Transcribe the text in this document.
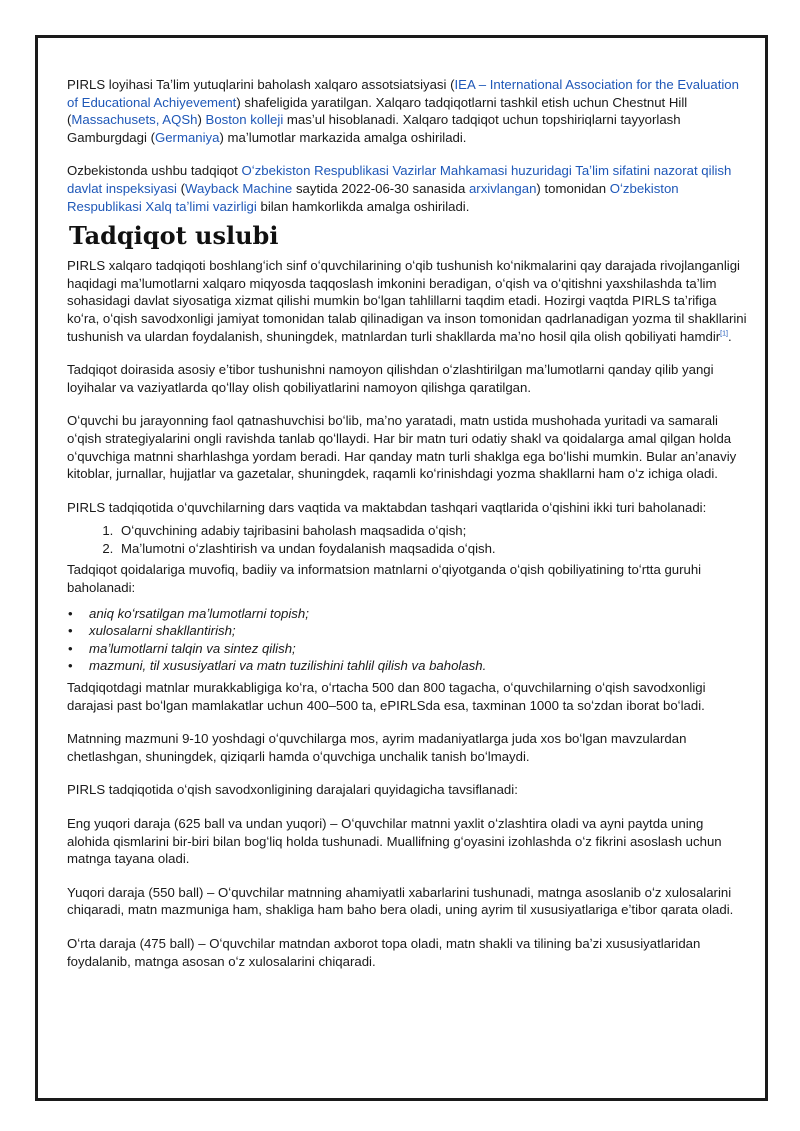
PIRLS loyihasi Taʼlim yutuqlarini baholash xalqaro assotsiatsiyasi (IEA – International Association for the Evaluation of Educational Achiyevement) shafeligida yaratilgan. Xalqaro tadqiqotlarni tashkil etish uchun Chestnut Hill (Massachusets, AQSh) Boston kolleji masʼul hisoblanadi. Xalqaro tadqiqot uchun topshiriqlarni tayyorlash Gamburgdagi (Germaniya) maʼlumotlar markazida amalga oshiriladi.

Ozbekistonda ushbu tadqiqot Oʻzbekiston Respublikasi Vazirlar Mahkamasi huzuridagi Taʼlim sifatini nazorat qilish davlat inspeksiyasi (Wayback Machine saytida 2022-06-30 sanasida arxivlangan) tomonidan Oʻzbekiston Respublikasi Xalq taʼlimi vazirligi bilan hamkorlikda amalga oshiriladi.

Tadqiqot uslubi

PIRLS xalqaro tadqiqoti boshlangʻich sinf oʻquvchilarining oʻqib tushunish koʻnikmalarini qay darajada rivojlanganligi haqidagi maʼlumotlarni xalqaro miqyosda taqqoslash imkonini beradigan, oʻqish va oʻqitishni yaxshilashda taʼlim sohasidagi davlat siyosatiga xizmat qilishi mumkin boʻlgan tahlillarni taqdim etadi. Hozirgi vaqtda PIRLS taʼrifiga koʻra, oʻqish savodxonligi jamiyat tomonidan talab qilinadigan va inson tomonidan qadrlanadigan yozma til shakllarini tushunish va ulardan foydalanish, shuningdek, matnlardan turli shakllarda maʼno hosil qila olish qobiliyati hamdir[1].

Tadqiqot doirasida asosiy eʼtibor tushunishni namoyon qilishdan oʻzlashtirilgan maʼlumotlarni qanday qilib yangi loyihalar va vaziyatlarda qoʻllay olish qobiliyatlarini namoyon qilishga qaratilgan.

Oʻquvchi bu jarayonning faol qatnashuvchisi boʻlib, maʼno yaratadi, matn ustida mushohada yuritadi va samarali oʻqish strategiyalarini ongli ravishda tanlab qoʻllaydi. Har bir matn turi odatiy shakl va qoidalarga amal qilgan holda oʻquvchiga matnni sharhlashga yordam beradi. Har qanday matn turli shaklga ega boʻlishi mumkin. Bular anʼanaviy kitoblar, jurnallar, hujjatlar va gazetalar, shuningdek, raqamli koʻrinishdagi yozma shakllarni ham oʻz ichiga oladi.

PIRLS tadqiqotida oʻquvchilarning dars vaqtida va maktabdan tashqari vaqtlarida oʻqishini ikki turi baholanadi:

1. Oʻquvchining adabiy tajribasini baholash maqsadida oʻqish;
2. Maʼlumotni oʻzlashtirish va undan foydalanish maqsadida oʻqish.

Tadqiqot qoidalariga muvofiq, badiiy va informatsion matnlarni oʻqiyotganda oʻqish qobiliyatining toʻrtta guruhi baholanadi:

• aniq koʻrsatilgan maʼlumotlarni topish;
• xulosalarni shakllantirish;
• maʼlumotlarni talqin va sintez qilish;
• mazmuni, til xususiyatlari va matn tuzilishini tahlil qilish va baholash.

Tadqiqotdagi matnlar murakkabligiga koʻra, oʻrtacha 500 dan 800 tagacha, oʻquvchilarning oʻqish savodxonligi darajasi past boʻlgan mamlakatlar uchun 400–500 ta, ePIRLSda esa, taxminan 1000 ta soʻzdan iborat boʻladi.

Matnning mazmuni 9-10 yoshdagi oʻquvchilarga mos, ayrim madaniyatlarga juda xos boʻlgan mavzulardan chetlashgan, shuningdek, qiziqarli hamda oʻquvchiga unchalik tanish boʻlmaydi.

PIRLS tadqiqotida oʻqish savodxonligining darajalari quyidagicha tavsiflanadi:

Eng yuqori daraja (625 ball va undan yuqori) – Oʻquvchilar matnni yaxlit oʻzlashtira oladi va ayni paytda uning alohida qismlarini bir-biri bilan bogʻliq holda tushunadi. Muallifning gʻoyasini izohlashda oʻz fikrini asoslash uchun matnga tayana oladi.

Yuqori daraja (550 ball) – Oʻquvchilar matnning ahamiyatli xabarlarini tushunadi, matnga asoslanib oʻz xulosalarini chiqaradi, matn mazmuniga ham, shakliga ham baho bera oladi, uning ayrim til xususiyatlariga eʼtibor qarata oladi.

Oʻrta daraja (475 ball) – Oʻquvchilar matndan axborot topa oladi, matn shakli va tilining baʼzi xususiyatlaridan foydalanib, matnga asosan oʻz xulosalarini chiqaradi.
